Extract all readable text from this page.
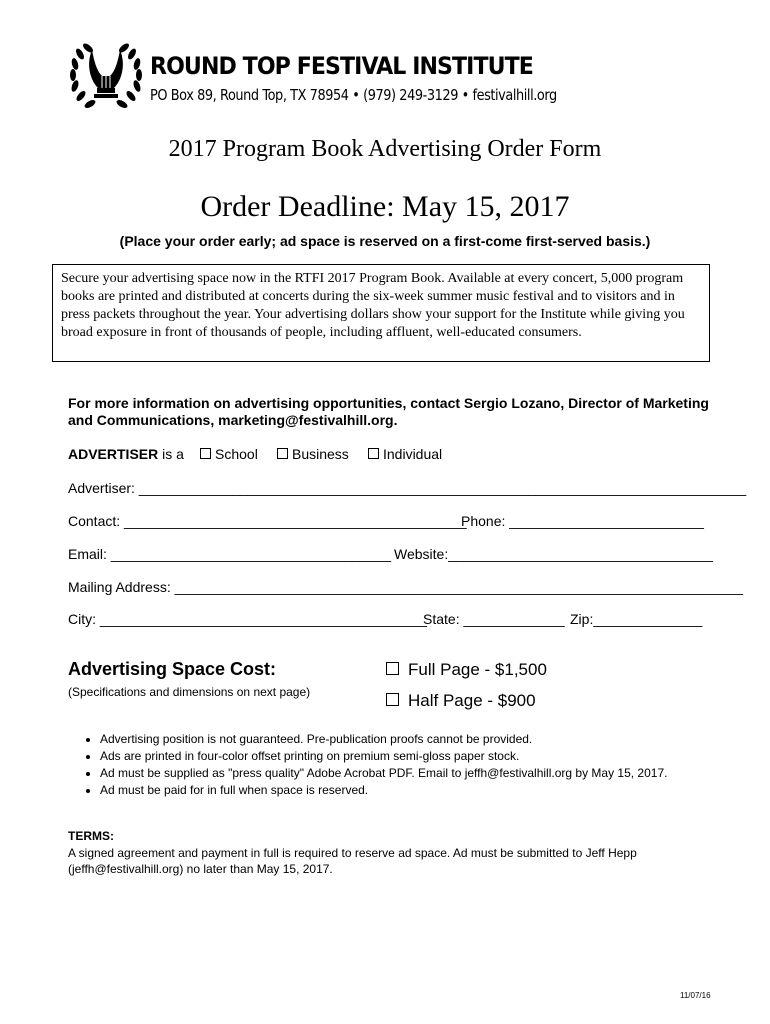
ROUND TOP FESTIVAL INSTITUTE
PO Box 89, Round Top, TX 78954 • (979) 249-3129 • festivalhill.org
2017 Program Book Advertising Order Form
Order Deadline: May 15, 2017
(Place your order early; ad space is reserved on a first-come first-served basis.)
Secure your advertising space now in the RTFI 2017 Program Book. Available at every concert, 5,000 program books are printed and distributed at concerts during the six-week summer music festival and to visitors and in press packets throughout the year. Your advertising dollars show your support for the Institute while giving you broad exposure in front of thousands of people, including affluent, well-educated consumers.
For more information on advertising opportunities, contact Sergio Lozano, Director of Marketing and Communications, marketing@festivalhill.org.
ADVERTISER is a	School	Business	Individual
Advertiser: ______________________________________________________________________________
Contact: ____________________________________________
Phone: _________________________
Email: ____________________________________ Website:__________________________________
Mailing Address: _________________________________________________________________________
City: __________________________________________
State: _____________ Zip:______________
Advertising Space Cost:
(Specifications and dimensions on next page)
Full Page - $1,500
Half Page - $900
• Advertising position is not guaranteed. Pre-publication proofs cannot be provided.
• Ads are printed in four-color offset printing on premium semi-gloss paper stock.
• Ad must be supplied as "press quality" Adobe Acrobat PDF. Email to jeffh@festivalhill.org by May 15, 2017.
• Ad must be paid for in full when space is reserved.
TERMS:
A signed agreement and payment in full is required to reserve ad space. Ad must be submitted to Jeff Hepp (jeffh@festivalhill.org) no later than May 15, 2017.
11/07/16
